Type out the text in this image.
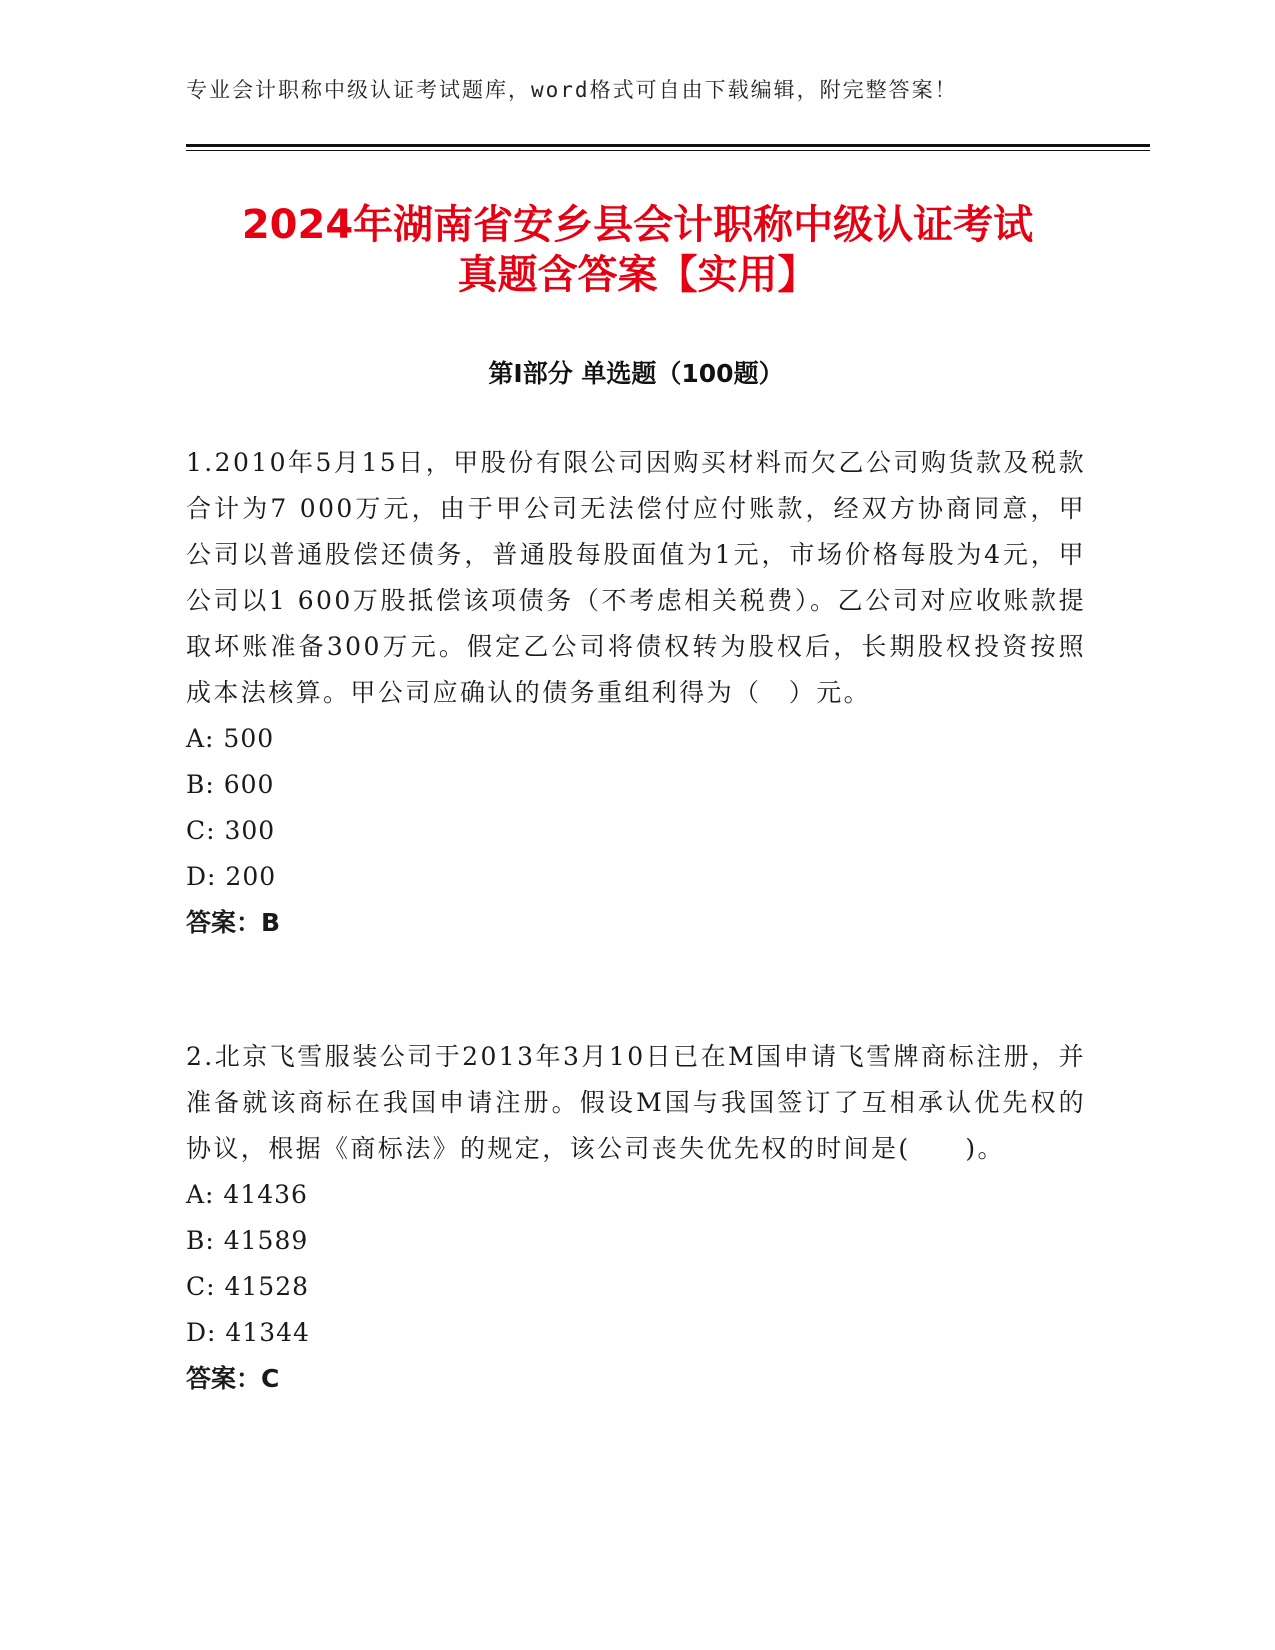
专业会计职称中级认证考试题库，word格式可自由下载编辑，附完整答案！
2024年湖南省安乡县会计职称中级认证考试
真题含答案【实用】
第Ⅰ部分 单选题（100题）

1.2010年5月15日，甲股份有限公司因购买材料而欠乙公司购货款及税款合计为7 000万元，由于甲公司无法偿付应付账款，经双方协商同意，甲公司以普通股偿还债务，普通股每股面值为1元，市场价格每股为4元，甲公司以1 600万股抵偿该项债务（不考虑相关税费）。乙公司对应收账款提取坏账准备300万元。假定乙公司将债权转为股权后，长期股权投资按照成本法核算。甲公司应确认的债务重组利得为（　）元。

A: 500

B: 600

C: 300

D: 200

答案：B

2.北京飞雪服装公司于2013年3月10日已在M国申请飞雪牌商标注册，并准备就该商标在我国申请注册。假设M国与我国签订了互相承认优先权的协议，根据《商标法》的规定，该公司丧失优先权的时间是(　　)。

A: 41436

B: 41589

C: 41528

D: 41344

答案：C
